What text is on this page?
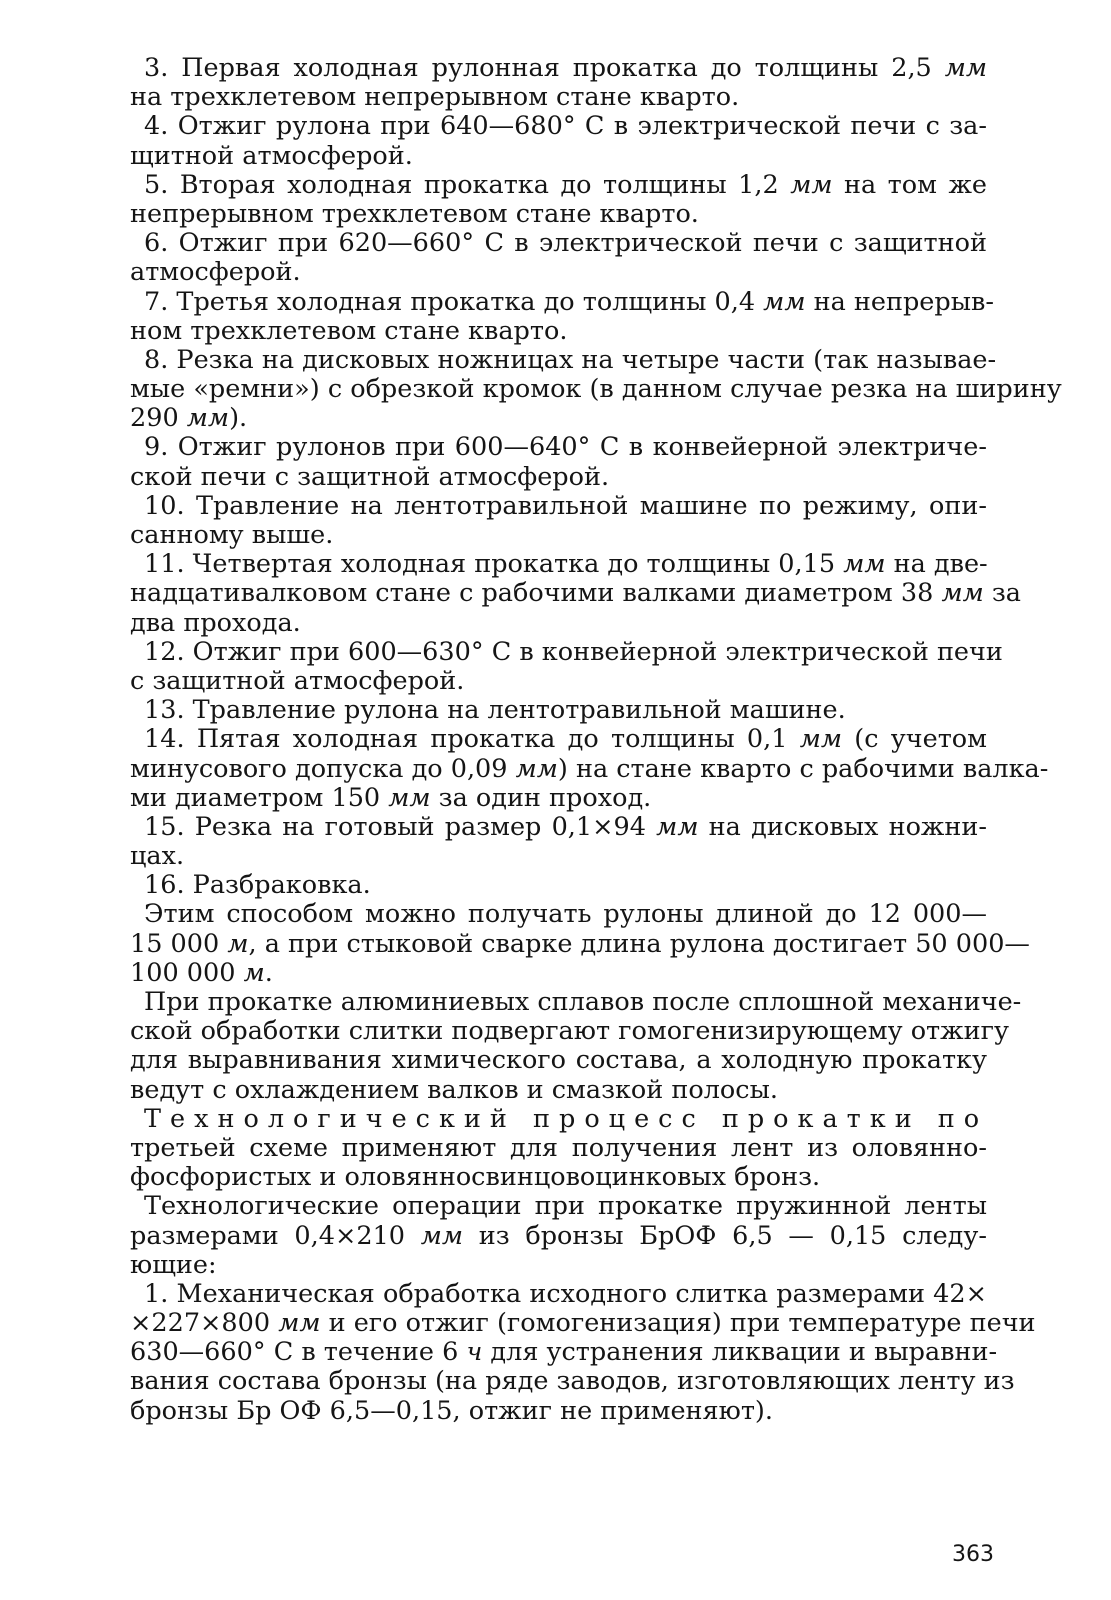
3. Первая холодная рулонная прокатка до толщины 2,5 мм
на трехклетевом непрерывном стане кварто.
4. Отжиг рулона при 640—680° С в электрической печи с за-
щитной атмосферой.
5. Вторая холодная прокатка до толщины 1,2 мм на том же
непрерывном трехклетевом стане кварто.
6. Отжиг при 620—660° С в электрической печи с защитной
атмосферой.
7. Третья холодная прокатка до толщины 0,4 мм на непрерыв-
ном трехклетевом стане кварто.
8. Резка на дисковых ножницах на четыре части (так называе-
мые «ремни») с обрезкой кромок (в данном случае резка на ширину
290 мм).
9. Отжиг рулонов при 600—640° С в конвейерной электриче-
ской печи с защитной атмосферой.
10. Травление на лентотравильной машине по режиму, опи-
санному выше.
11. Четвертая холодная прокатка до толщины 0,15 мм на две-
надцативалковом стане с рабочими валками диаметром 38 мм за
два прохода.
12. Отжиг при 600—630° С в конвейерной электрической печи
с защитной атмосферой.
13. Травление рулона на лентотравильной машине.
14. Пятая холодная прокатка до толщины 0,1 мм (с учетом
минусового допуска до 0,09 мм) на стане кварто с рабочими валка-
ми диаметром 150 мм за один проход.
15. Резка на готовый размер 0,1×94 мм на дисковых ножни-
цах.
16. Разбраковка.
Этим способом можно получать рулоны длиной до 12 000—
15 000 м, а при стыковой сварке длина рулона достигает 50 000—
100 000 м.
При прокатке алюминиевых сплавов после сплошной механиче-
ской обработки слитки подвергают гомогенизирующему отжигу
для выравнивания химического состава, а холодную прокатку
ведут с охлаждением валков и смазкой полосы.
Технологический процесс прокатки по
третьей схеме применяют для получения лент из оловянно-
фосфористых и оловянносвинцовоцинковых бронз.
Технологические операции при прокатке пружинной ленты
размерами 0,4×210 мм из бронзы БрОФ 6,5 — 0,15 следу-
ющие:
1. Механическая обработка исходного слитка размерами 42×
×227×800 мм и его отжиг (гомогенизация) при температуре печи
630—660° С в течение 6 ч для устранения ликвации и выравни-
вания состава бронзы (на ряде заводов, изготовляющих ленту из
бронзы Бр ОФ 6,5—0,15, отжиг не применяют).
363
